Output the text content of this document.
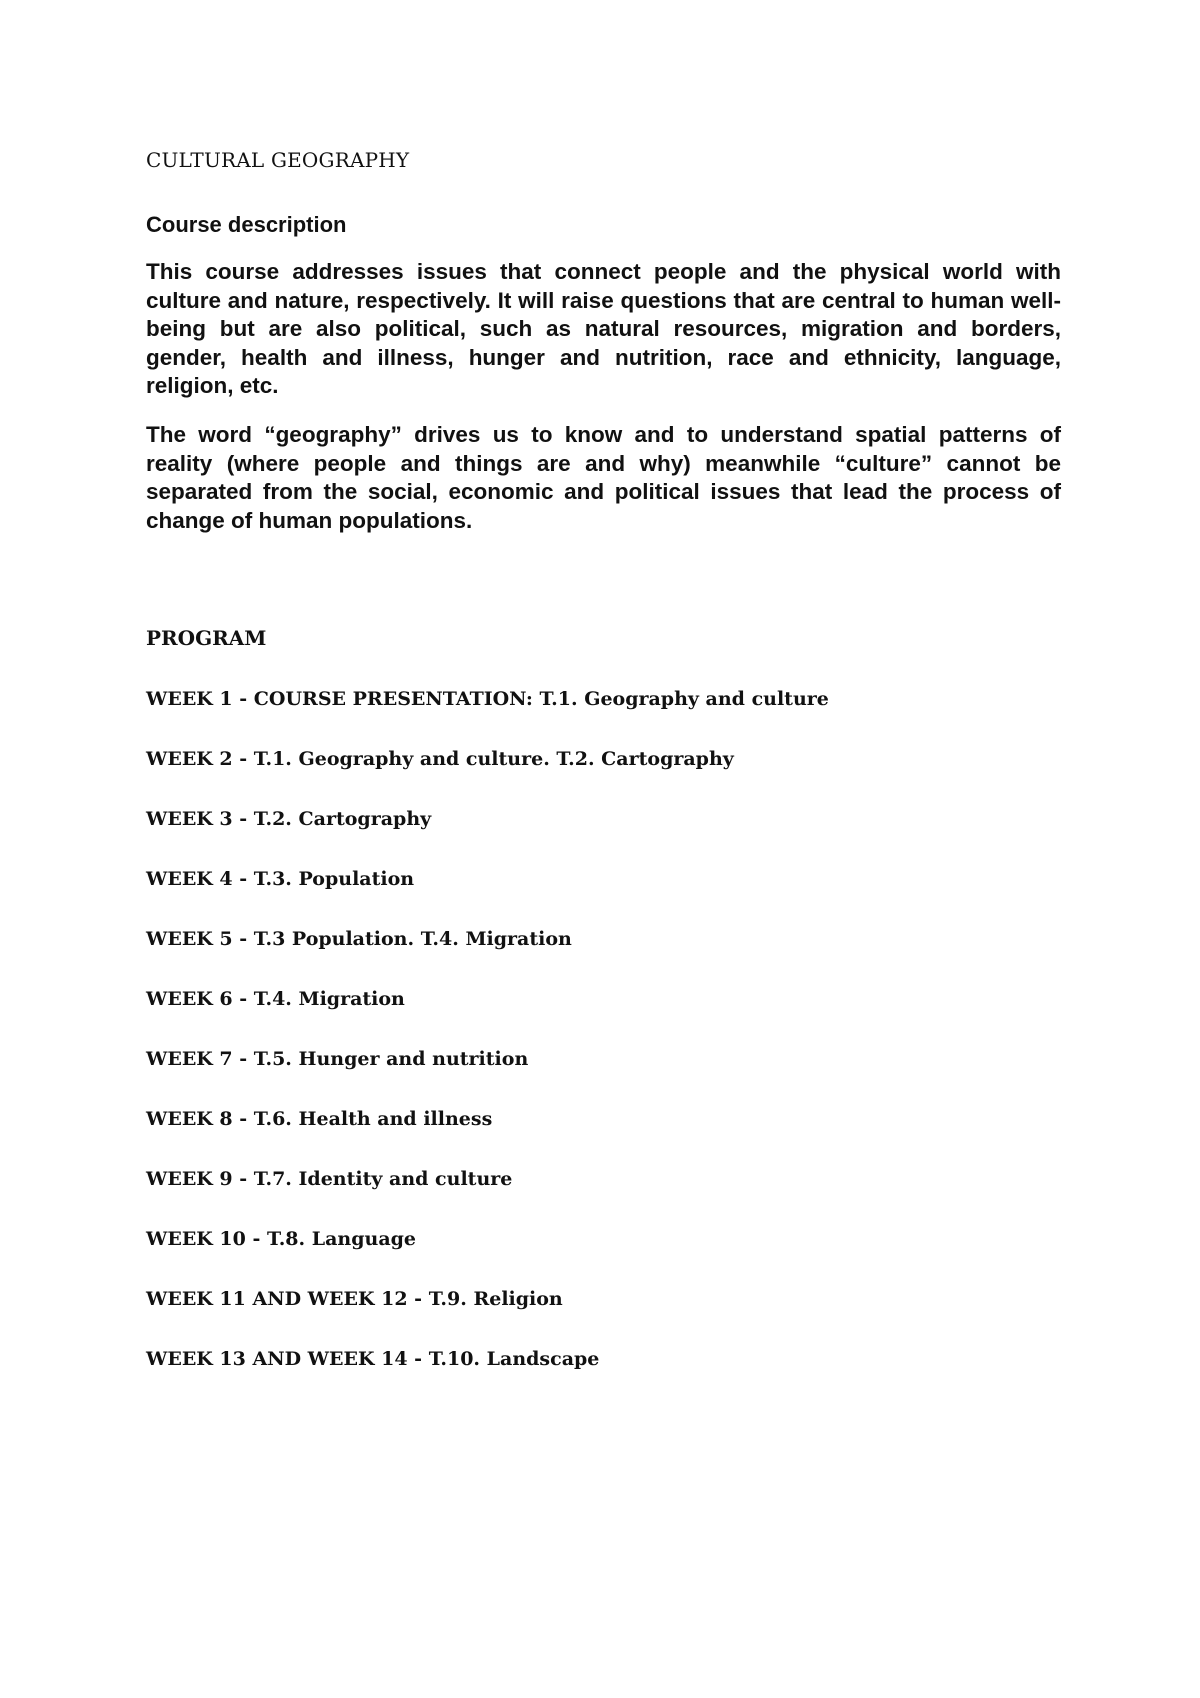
CULTURAL GEOGRAPHY
Course description

This course addresses issues that connect people and the physical world with culture and nature, respectively. It will raise questions that are central to human well-being but are also political, such as natural resources, migration and borders, gender, health and illness, hunger and nutrition, race and ethnicity, language, religion, etc.

The word “geography” drives us to know and to understand spatial patterns of reality (where people and things are and why) meanwhile “culture” cannot be separated from the social, economic and political issues that lead the process of change of human populations.

PROGRAM
WEEK 1 - COURSE PRESENTATION: T.1. Geography and culture
WEEK 2 - T.1. Geography and culture. T.2. Cartography
WEEK 3 - T.2. Cartography
WEEK 4 - T.3. Population
WEEK 5 - T.3 Population. T.4. Migration
WEEK 6 - T.4. Migration
WEEK 7 - T.5. Hunger and nutrition
WEEK 8 - T.6. Health and illness
WEEK 9 - T.7. Identity and culture
WEEK 10 - T.8. Language
WEEK 11 AND WEEK 12 - T.9. Religion
WEEK 13 AND WEEK 14 - T.10. Landscape
